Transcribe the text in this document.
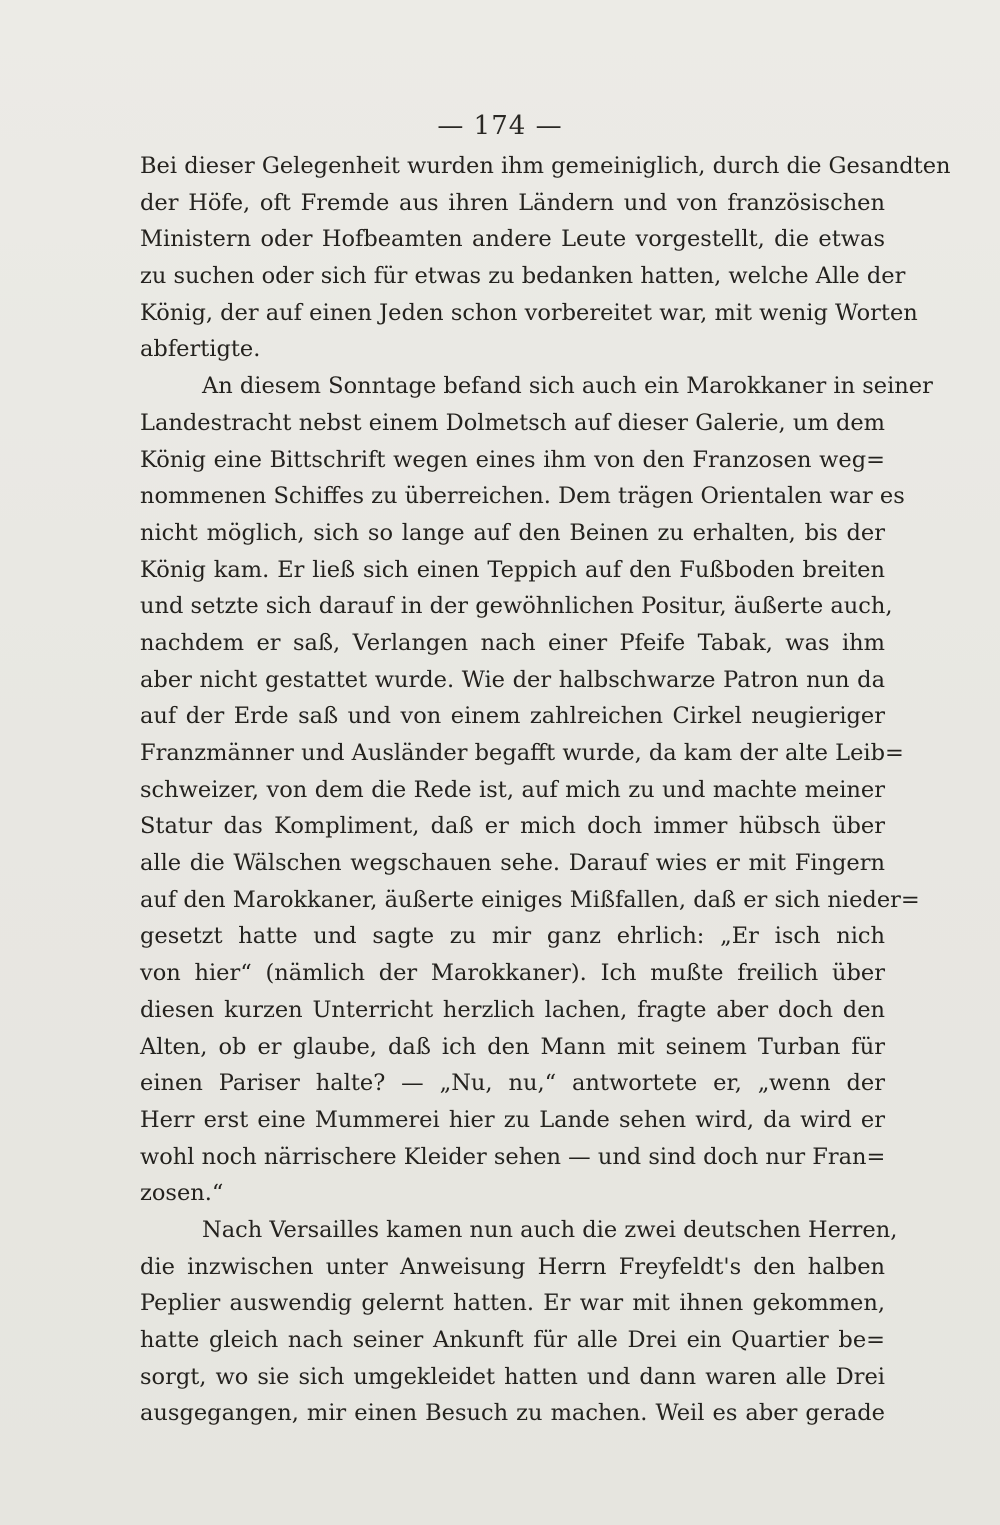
— 174 —
Bei dieser Gelegenheit wurden ihm gemeiniglich, durch die Gesandten
der Höfe, oft Fremde aus ihren Ländern und von französischen
Ministern oder Hofbeamten andere Leute vorgestellt, die etwas
zu suchen oder sich für etwas zu bedanken hatten, welche Alle der
König, der auf einen Jeden schon vorbereitet war, mit wenig Worten
abfertigte.
An diesem Sonntage befand sich auch ein Marokkaner in seiner
Landestracht nebst einem Dolmetsch auf dieser Galerie, um dem
König eine Bittschrift wegen eines ihm von den Franzosen weg=
nommenen Schiffes zu überreichen. Dem trägen Orientalen war es
nicht möglich, sich so lange auf den Beinen zu erhalten, bis der
König kam. Er ließ sich einen Teppich auf den Fußboden breiten
und setzte sich darauf in der gewöhnlichen Positur, äußerte auch,
nachdem er saß, Verlangen nach einer Pfeife Tabak, was ihm
aber nicht gestattet wurde. Wie der halbschwarze Patron nun da
auf der Erde saß und von einem zahlreichen Cirkel neugieriger
Franzmänner und Ausländer begafft wurde, da kam der alte Leib=
schweizer, von dem die Rede ist, auf mich zu und machte meiner
Statur das Kompliment, daß er mich doch immer hübsch über
alle die Wälschen wegschauen sehe. Darauf wies er mit Fingern
auf den Marokkaner, äußerte einiges Mißfallen, daß er sich nieder=
gesetzt hatte und sagte zu mir ganz ehrlich: „Er isch nich
von hier“ (nämlich der Marokkaner). Ich mußte freilich über
diesen kurzen Unterricht herzlich lachen, fragte aber doch den
Alten, ob er glaube, daß ich den Mann mit seinem Turban für
einen Pariser halte? — „Nu, nu,“ antwortete er, „wenn der
Herr erst eine Mummerei hier zu Lande sehen wird, da wird er
wohl noch närrischere Kleider sehen — und sind doch nur Fran=
zosen.“
Nach Versailles kamen nun auch die zwei deutschen Herren,
die inzwischen unter Anweisung Herrn Freyfeldt's den halben
Peplier auswendig gelernt hatten. Er war mit ihnen gekommen,
hatte gleich nach seiner Ankunft für alle Drei ein Quartier be=
sorgt, wo sie sich umgekleidet hatten und dann waren alle Drei
ausgegangen, mir einen Besuch zu machen. Weil es aber gerade
